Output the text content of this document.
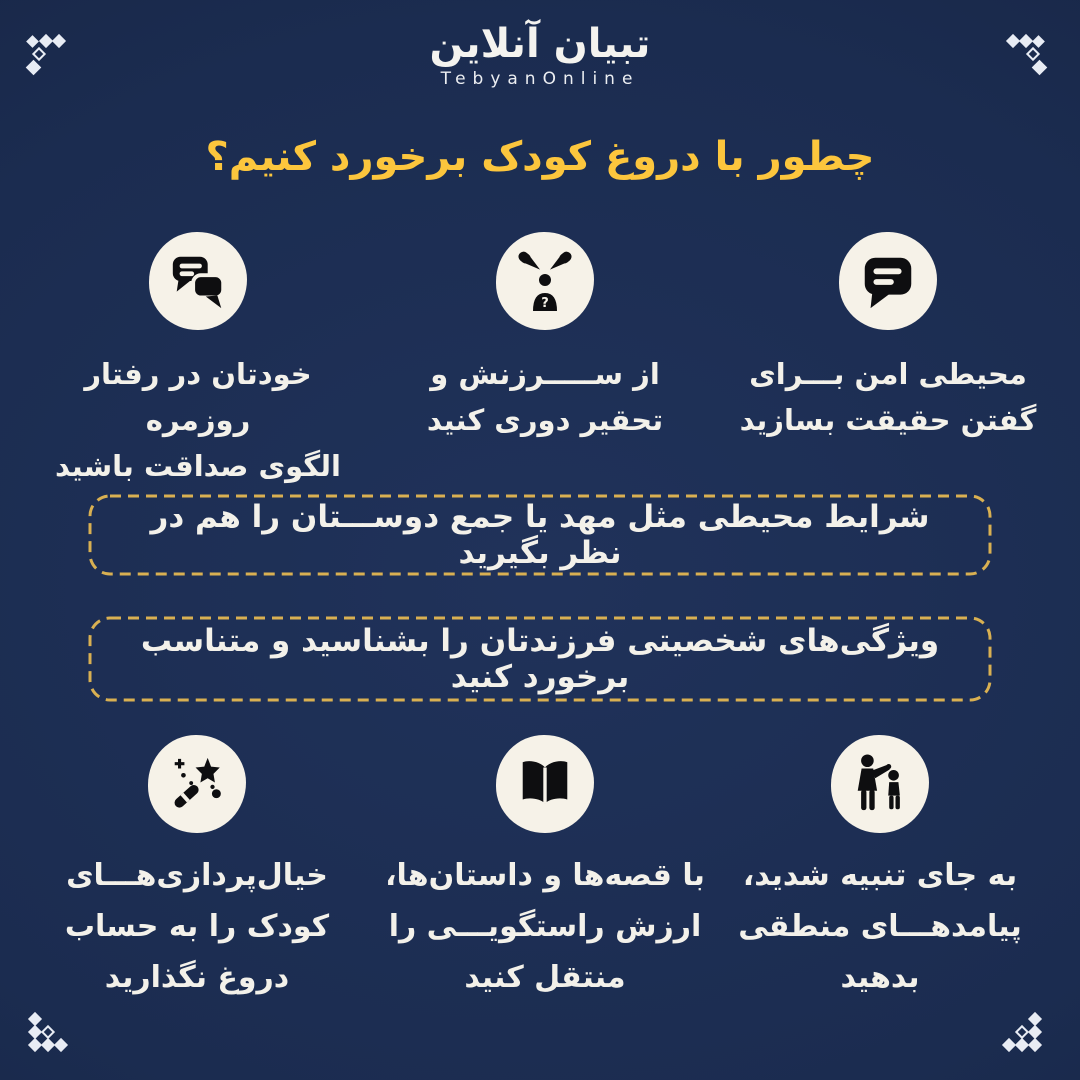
تبیان آنلاین
TebyanOnline
چطور با دروغ کودک برخورد کنیم؟
محیطی امن بـــرای
گفتن حقیقت بسازید
?
از ســـــرزنش و
تحقیر دوری کنید
خودتان در رفتار روزمره
الگوی صداقت باشید
شرایط محیطی مثل مهد یا جمع دوســـتان را هم در نظر بگیرید
ویژگی‌های شخصیتی فرزندتان را بشناسید و متناسب برخورد کنید
به جای تنبیه شدید،
پیامدهـــای منطقی
بدهید
با قصه‌ها و داستان‌ها،
ارزش راستگویـــی را
منتقل کنید
خیال‌پردازی‌هـــای
کودک را به حساب
دروغ نگذارید
